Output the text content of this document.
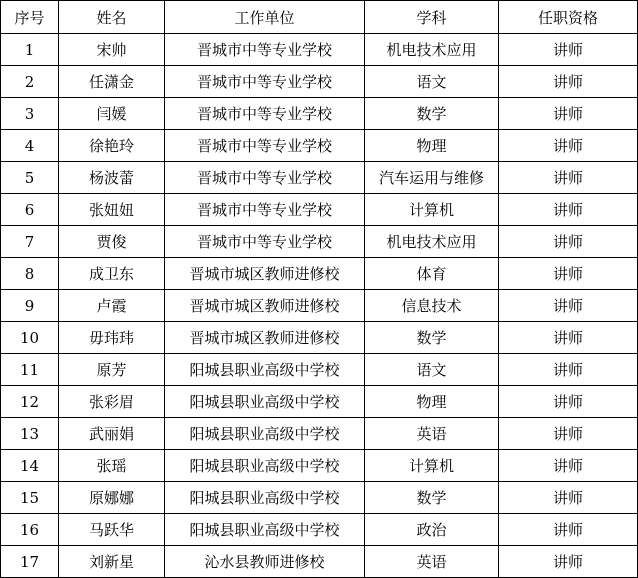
序号	姓名	工作单位	学科	任职资格
1	宋帅	晋城市中等专业学校	机电技术应用	讲师
2	任潇金	晋城市中等专业学校	语文	讲师
3	闫媛	晋城市中等专业学校	数学	讲师
4	徐艳玲	晋城市中等专业学校	物理	讲师
5	杨波蕾	晋城市中等专业学校	汽车运用与维修	讲师
6	张妞妞	晋城市中等专业学校	计算机	讲师
7	贾俊	晋城市中等专业学校	机电技术应用	讲师
8	成卫东	晋城市城区教师进修校	体育	讲师
9	卢霞	晋城市城区教师进修校	信息技术	讲师
10	毋玮玮	晋城市城区教师进修校	数学	讲师
11	原芳	阳城县职业高级中学校	语文	讲师
12	张彩眉	阳城县职业高级中学校	物理	讲师
13	武丽娟	阳城县职业高级中学校	英语	讲师
14	张瑶	阳城县职业高级中学校	计算机	讲师
15	原娜娜	阳城县职业高级中学校	数学	讲师
16	马跃华	阳城县职业高级中学校	政治	讲师
17	刘新星	沁水县教师进修校	英语	讲师
